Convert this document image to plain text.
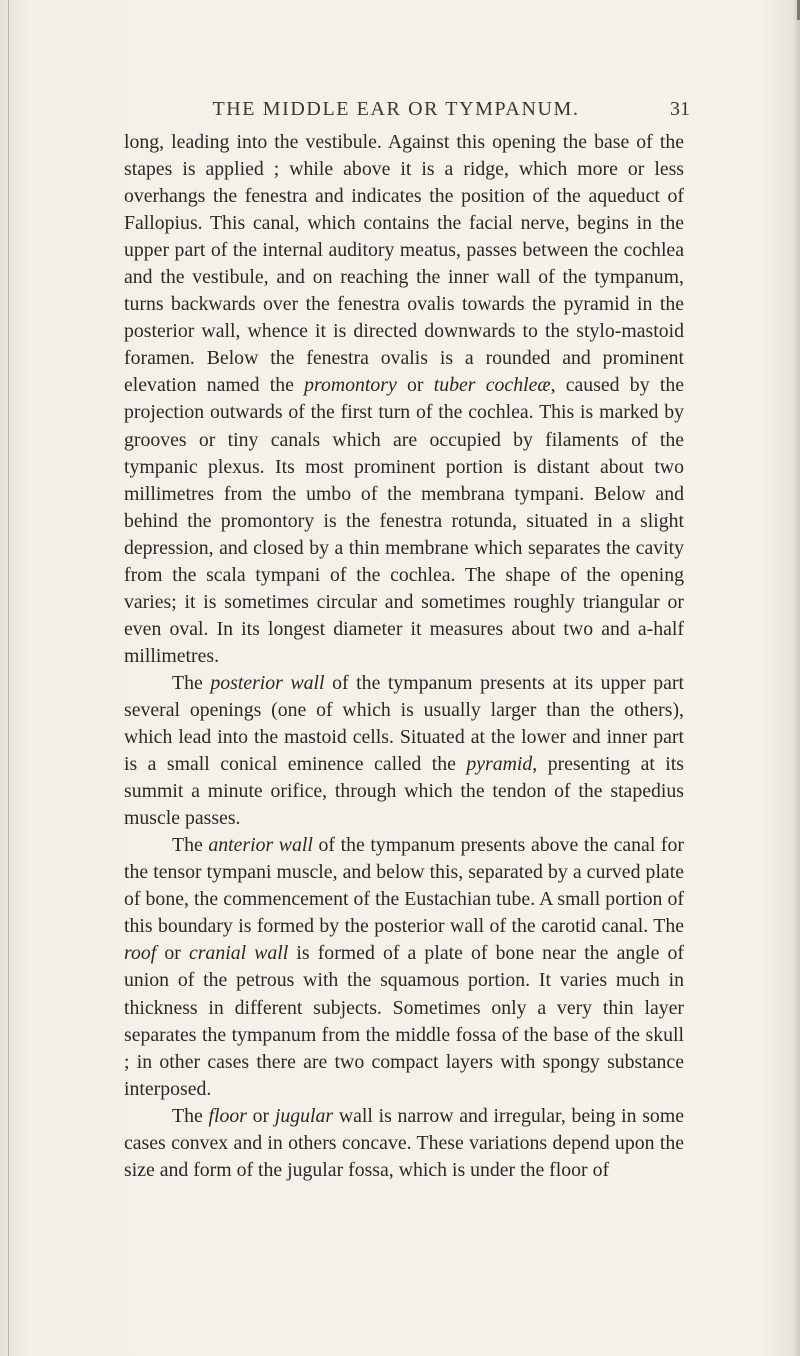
THE MIDDLE EAR OR TYMPANUM.	31

long, leading into the vestibule. Against this opening the base of the stapes is applied ; while above it is a ridge, which more or less overhangs the fenestra and indicates the position of the aqueduct of Fallopius. This canal, which contains the facial nerve, begins in the upper part of the internal auditory meatus, passes between the cochlea and the vestibule, and on reaching the inner wall of the tympanum, turns backwards over the fenestra ovalis towards the pyramid in the posterior wall, whence it is directed downwards to the stylo-mastoid foramen. Below the fenestra ovalis is a rounded and prominent elevation named the promontory or tuber cochleæ, caused by the projection outwards of the first turn of the cochlea. This is marked by grooves or tiny canals which are occupied by filaments of the tympanic plexus. Its most prominent portion is distant about two millimetres from the umbo of the membrana tympani. Below and behind the promontory is the fenestra rotunda, situated in a slight depression, and closed by a thin membrane which separates the cavity from the scala tympani of the cochlea. The shape of the opening varies; it is sometimes circular and sometimes roughly triangular or even oval. In its longest diameter it measures about two and a-half millimetres.

The posterior wall of the tympanum presents at its upper part several openings (one of which is usually larger than the others), which lead into the mastoid cells. Situated at the lower and inner part is a small conical eminence called the pyramid, presenting at its summit a minute orifice, through which the tendon of the stapedius muscle passes.

The anterior wall of the tympanum presents above the canal for the tensor tympani muscle, and below this, separated by a curved plate of bone, the commencement of the Eustachian tube. A small portion of this boundary is formed by the posterior wall of the carotid canal. The roof or cranial wall is formed of a plate of bone near the angle of union of the petrous with the squamous portion. It varies much in thickness in different subjects. Sometimes only a very thin layer separates the tympanum from the middle fossa of the base of the skull ; in other cases there are two compact layers with spongy substance interposed.

The floor or jugular wall is narrow and irregular, being in some cases convex and in others concave. These variations depend upon the size and form of the jugular fossa, which is under the floor of
